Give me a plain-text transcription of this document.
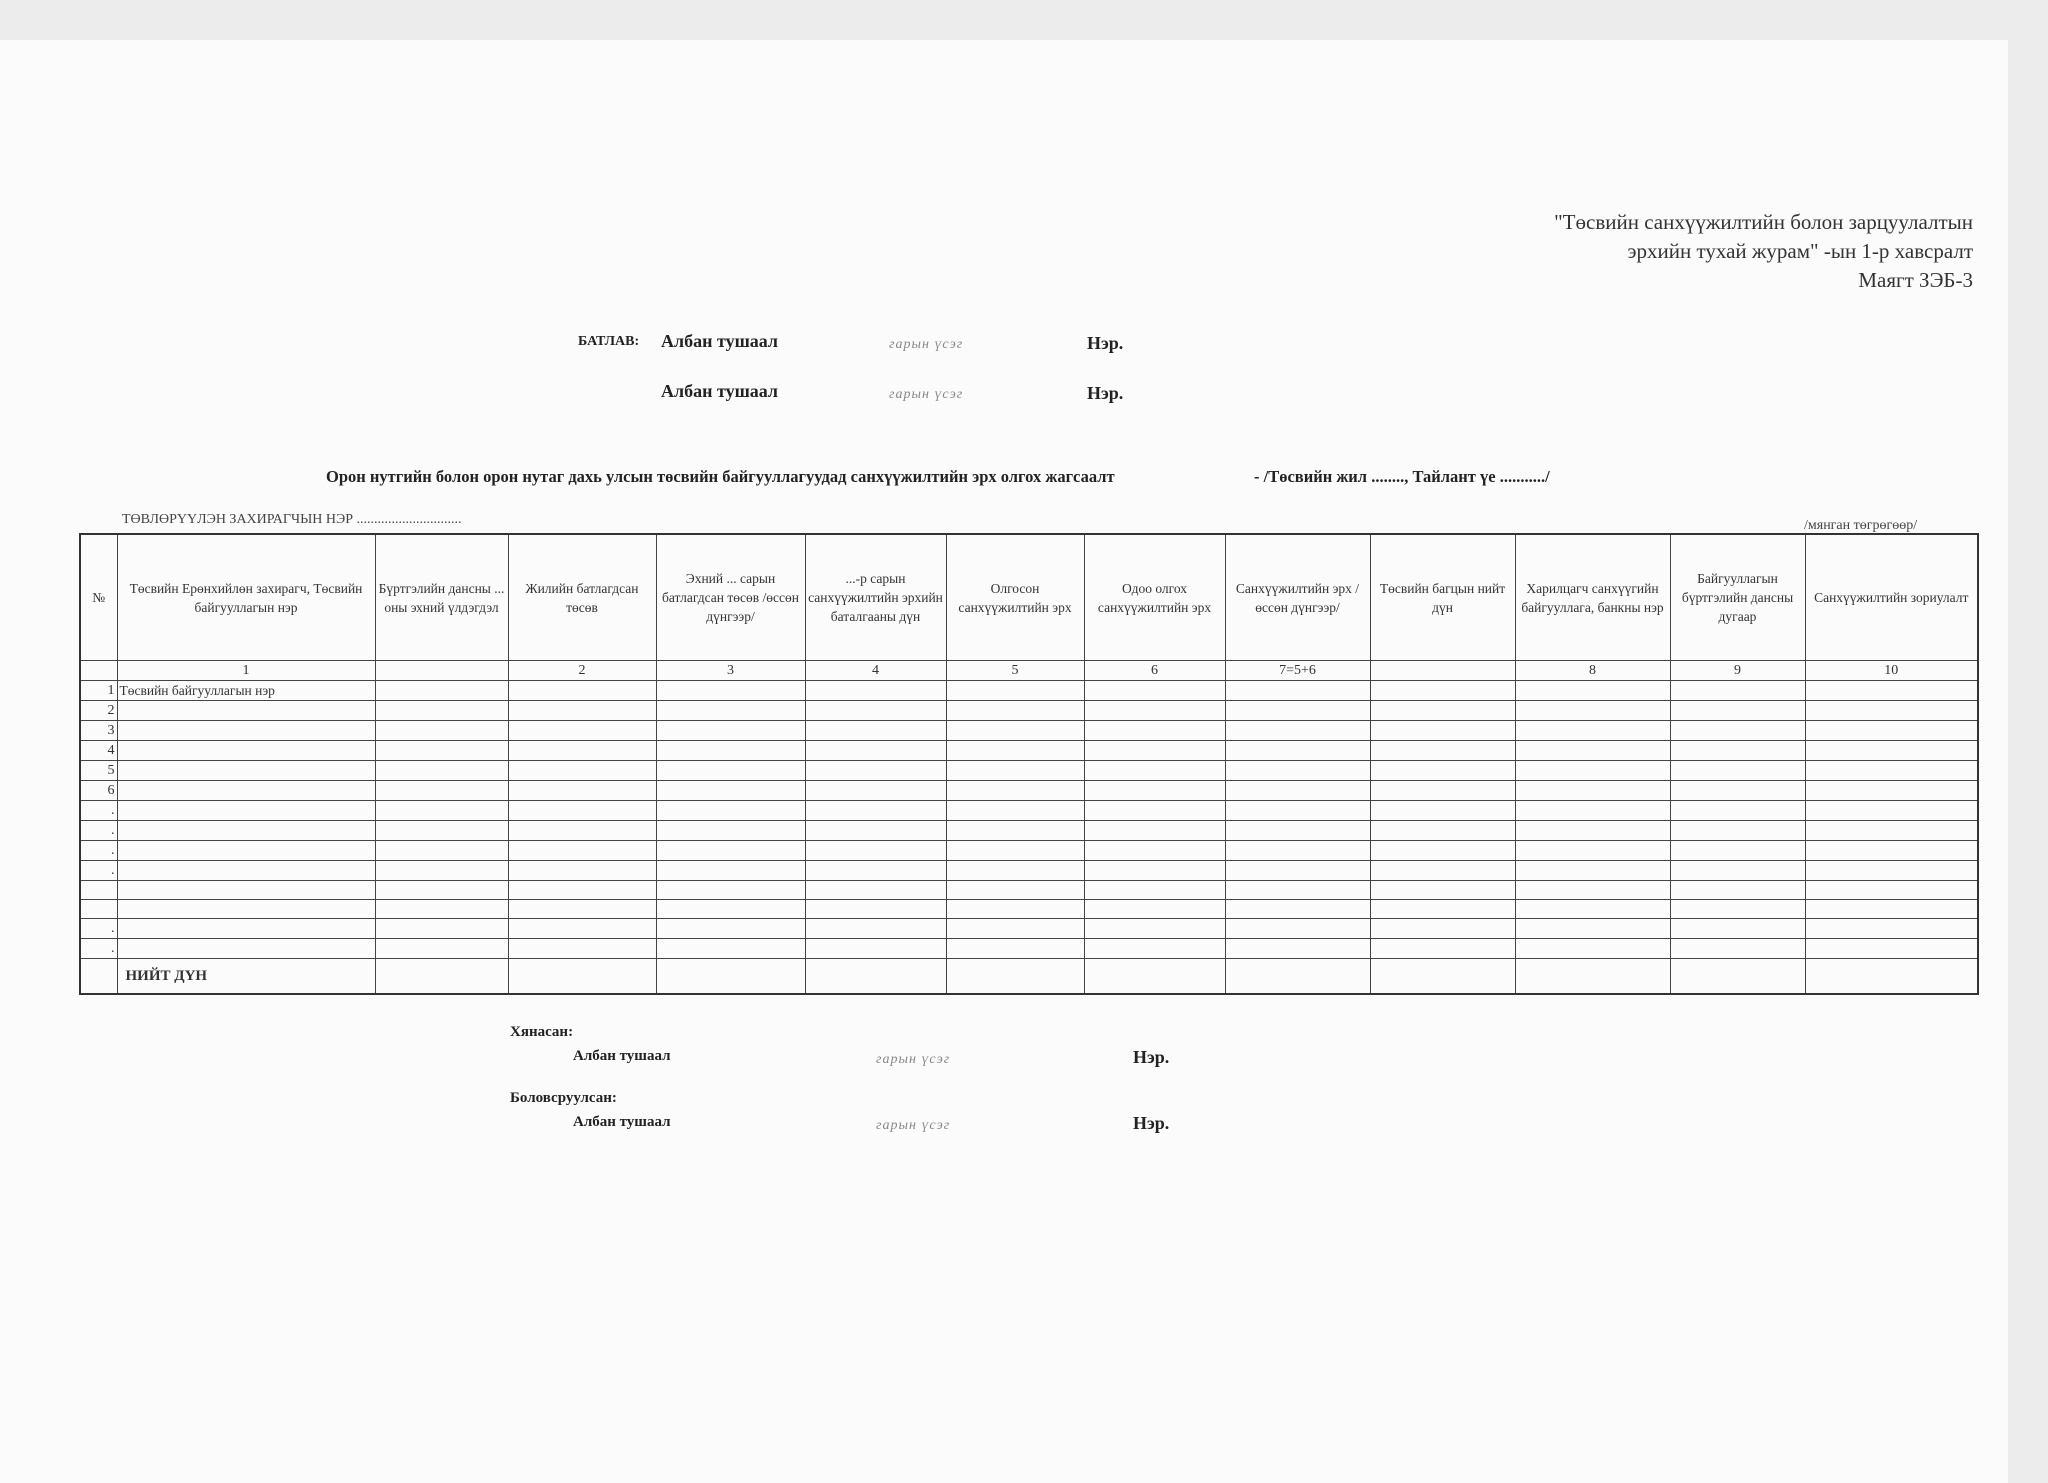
"Төсвийн санхүүжилтийн болон зарцуулалтын
эрхийн тухай журам" -ын 1-р хавсралт
Маягт ЗЭБ-3
БАТЛАВ: Албан тушаал	гарын үсэг	Нэр.
Албан тушаал	гарын үсэг	Нэр.
Орон нутгийн болон орон нутаг дахь улсын төсвийн байгууллагуудад санхүүжилтийн эрх олгох жагсаалт	- /Төсвийн жил ........, Тайлант үе .........../
ТӨВЛӨРҮҮЛЭН ЗАХИРАГЧЫН НЭР ..............................	/мянган төгрөгөөр/
№	Төсвийн Ерөнхийлөн захирагч, Төсвийн байгууллагын нэр	Бүртгэлийн дансны ... оны эхний үлдэгдэл	Жилийн батлагдсан төсөв	Эхний ... сарын батлагдсан төсөв /өссөн дүнгээр/	...-р сарын санхүүжилтийн эрхийн баталгааны дүн	Олгосон санхүүжилтийн эрх	Одоо олгох санхүүжилтийн эрх	Санхүүжилтийн эрх /өссөн дүнгээр/	Төсвийн багцын нийт дүн	Харилцагч санхүүгийн байгууллага, банкны нэр	Байгууллагын бүртгэлийн дансны дугаар	Санхүүжилтийн зориулалт
	1		2	3	4	5	6	7=5+6		8	9	10
1	Төсвийн байгууллагын нэр											
2												
3												
4												
5												
6												
.												
.												
.												
.												

.												
.												
	НИЙТ ДҮН											
Хянасан:
Албан тушаал	гарын үсэг	Нэр.
Боловсруулсан:
Албан тушаал	гарын үсэг	Нэр.
